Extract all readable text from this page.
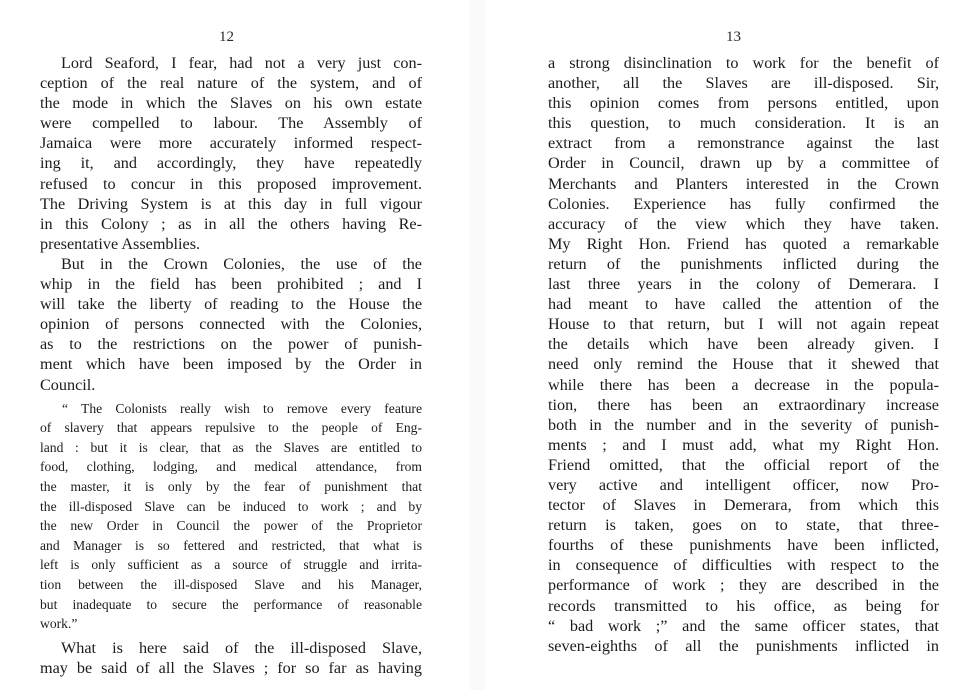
12
Lord Seaford, I fear, had not a very just con-
ception of the real nature of the system, and of
the mode in which the Slaves on his own estate
were compelled to labour. The Assembly of
Jamaica were more accurately informed respect-
ing it, and accordingly, they have repeatedly
refused to concur in this proposed improvement.
The Driving System is at this day in full vigour
in this Colony ; as in all the others having Re-
presentative Assemblies.
But in the Crown Colonies, the use of the
whip in the field has been prohibited ; and I
will take the liberty of reading to the House the
opinion of persons connected with the Colonies,
as to the restrictions on the power of punish-
ment which have been imposed by the Order in
Council.
“ The Colonists really wish to remove every feature
of slavery that appears repulsive to the people of Eng-
land : but it is clear, that as the Slaves are entitled to
food, clothing, lodging, and medical attendance, from
the master, it is only by the fear of punishment that
the ill-disposed Slave can be induced to work ; and by
the new Order in Council the power of the Proprietor
and Manager is so fettered and restricted, that what is
left is only sufficient as a source of struggle and irrita-
tion between the ill-disposed Slave and his Manager,
but inadequate to secure the performance of reasonable
work.”
What is here said of the ill-disposed Slave,
may be said of all the Slaves ; for so far as having
13
a strong disinclination to work for the benefit of
another, all the Slaves are ill-disposed. Sir,
this opinion comes from persons entitled, upon
this question, to much consideration. It is an
extract from a remonstrance against the last
Order in Council, drawn up by a committee of
Merchants and Planters interested in the Crown
Colonies. Experience has fully confirmed the
accuracy of the view which they have taken.
My Right Hon. Friend has quoted a remarkable
return of the punishments inflicted during the
last three years in the colony of Demerara. I
had meant to have called the attention of the
House to that return, but I will not again repeat
the details which have been already given. I
need only remind the House that it shewed that
while there has been a decrease in the popula-
tion, there has been an extraordinary increase
both in the number and in the severity of punish-
ments ; and I must add, what my Right Hon.
Friend omitted, that the official report of the
very active and intelligent officer, now Pro-
tector of Slaves in Demerara, from which this
return is taken, goes on to state, that three-
fourths of these punishments have been inflicted,
in consequence of difficulties with respect to the
performance of work ; they are described in the
records transmitted to his office, as being for
“ bad work ;” and the same officer states, that
seven-eighths of all the punishments inflicted in
